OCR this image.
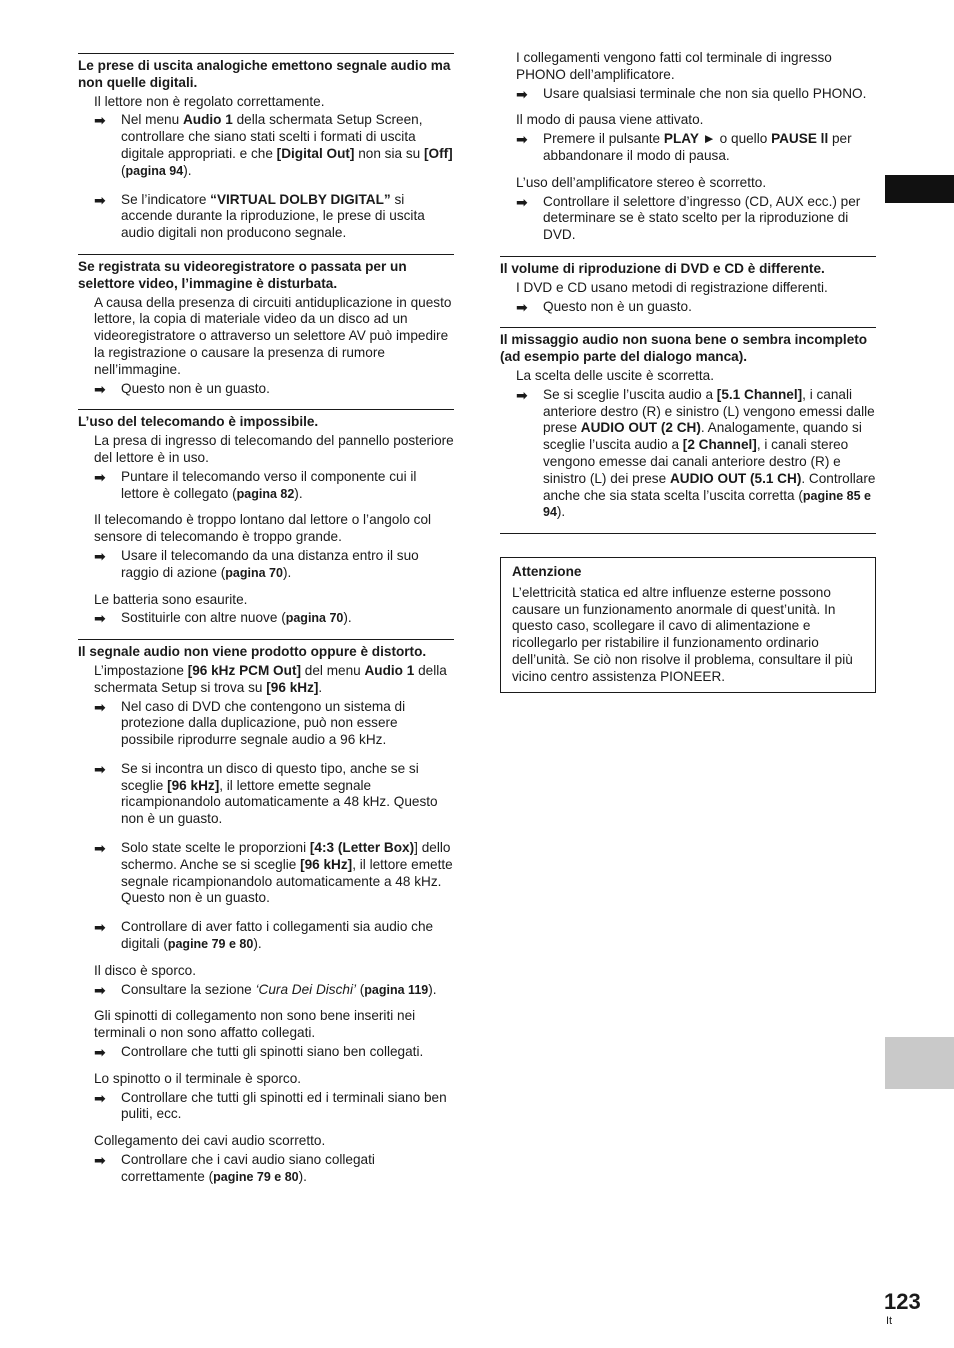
Le prese di uscita analogiche emettono segnale audio ma non quelle digitali.
Il lettore non è regolato correttamente.
➡ Nel menu Audio 1 della schermata Setup Screen, controllare che siano stati scelti i formati di uscita digitale appropriati. e che [Digital Out] non sia su [Off] (pagina 94).
➡ Se l’indicatore “VIRTUAL DOLBY DIGITAL” si accende durante la riproduzione, le prese di uscita audio digitali non producono segnale.
Se registrata su videoregistratore o passata per un selettore video, l’immagine è disturbata.
A causa della presenza di circuiti antiduplicazione in questo lettore, la copia di materiale video da un disco ad un videoregistratore o attraverso un selettore AV può impedire la registrazione o causare la presenza di rumore nell’immagine.
➡ Questo non è un guasto.
L’uso del telecomando è impossibile.
La presa di ingresso di telecomando del pannello posteriore del lettore è in uso.
➡ Puntare il telecomando verso il componente cui il lettore è collegato (pagina 82).
Il telecomando è troppo lontano dal lettore o l’angolo col sensore di telecomando è troppo grande.
➡ Usare il telecomando da una distanza entro il suo raggio di azione (pagina 70).
Le batteria sono esaurite.
➡ Sostituirle con altre nuove (pagina 70).
Il segnale audio non viene prodotto oppure è distorto.
L’impostazione [96 kHz PCM Out] del menu Audio 1 della schermata Setup si trova su [96 kHz].
➡ Nel caso di DVD che contengono un sistema di protezione dalla duplicazione, può non essere possibile riprodurre segnale audio a 96 kHz.
➡ Se si incontra un disco di questo tipo, anche se si sceglie [96 kHz], il lettore emette segnale ricampionandolo automaticamente a 48 kHz. Questo non è un guasto.
➡ Solo state scelte le proporzioni [4:3 (Letter Box)] dello schermo. Anche se si sceglie [96 kHz], il lettore emette segnale ricampionandolo automaticamente a 48 kHz. Questo non è un guasto.
➡ Controllare di aver fatto i collegamenti sia audio che digitali (pagine 79 e 80).
Il disco è sporco.
➡ Consultare la sezione ‘Cura Dei Dischi’ (pagina 119).
Gli spinotti di collegamento non sono bene inseriti nei terminali o non sono affatto collegati.
➡ Controllare che tutti gli spinotti siano ben collegati.
Lo spinotto o il terminale è sporco.
➡ Controllare che tutti gli spinotti ed i terminali siano ben puliti, ecc.
Collegamento dei cavi audio scorretto.
➡ Controllare che i cavi audio siano collegati correttamente (pagine 79 e 80).
I collegamenti vengono fatti col terminale di ingresso PHONO dell’amplificatore.
➡ Usare qualsiasi terminale che non sia quello PHONO.
Il modo di pausa viene attivato.
➡ Premere il pulsante PLAY ► o quello PAUSE ll per abbandonare il modo di pausa.
L’uso dell’amplificatore stereo è scorretto.
➡ Controllare il selettore d’ingresso (CD, AUX ecc.) per determinare se è stato scelto per la riproduzione di DVD.
Il volume di riproduzione di DVD e CD è differente.
I DVD e CD usano metodi di registrazione differenti.
➡ Questo non è un guasto.
Il missaggio audio non suona bene o sembra incompleto (ad esempio parte del dialogo manca).
La scelta delle uscite è scorretta.
➡ Se si sceglie l’uscita audio a [5.1 Channel], i canali anteriore destro (R) e sinistro (L) vengono emessi dalle prese AUDIO OUT (2 CH). Analogamente, quando si sceglie l’uscita audio a [2 Channel], i canali stereo vengono emesse dai canali anteriore destro (R) e sinistro (L) dei prese AUDIO OUT (5.1 CH). Controllare anche che sia stata scelta l’uscita corretta (pagine 85 e 94).
Attenzione
L’elettricità statica ed altre influenze esterne possono causare un funzionamento anormale di quest’unità. In questo caso, scollegare il cavo di alimentazione e ricollegarlo per ristabilire il funzionamento ordinario dell’unità. Se ciò non risolve il problema, consultare il più vicino centro assistenza PIONEER.
123
It
